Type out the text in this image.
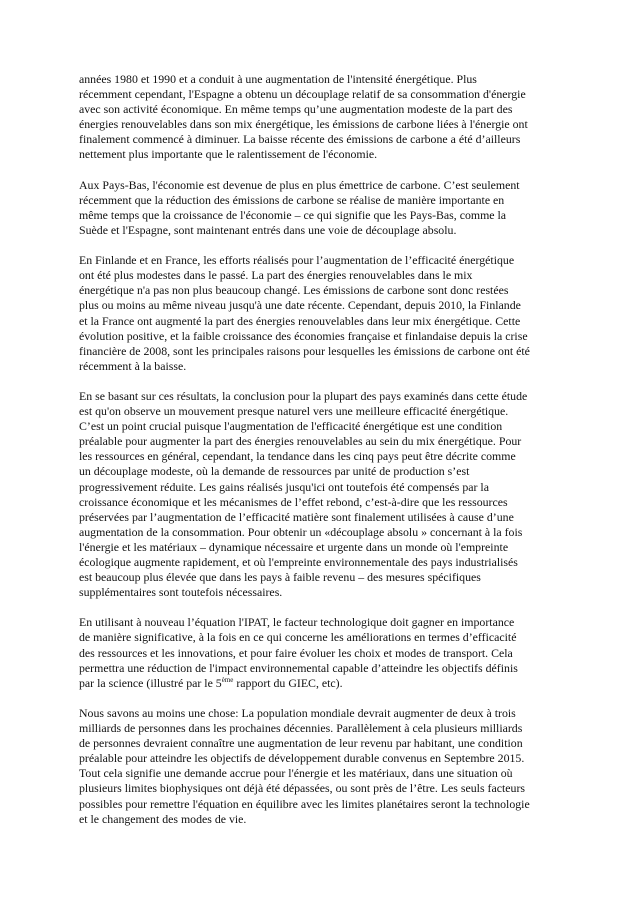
années 1980 et 1990 et a conduit à une augmentation de l'intensité énergétique. Plus
récemment cependant, l'Espagne a obtenu un découplage relatif de sa consommation d'énergie
avec son activité économique. En même temps qu’une augmentation modeste de la part des
énergies renouvelables dans son mix énergétique, les émissions de carbone liées à l'énergie ont
finalement commencé à diminuer. La baisse récente des émissions de carbone a été d’ailleurs
nettement plus importante que le ralentissement de l'économie.

Aux Pays-Bas, l'économie est devenue de plus en plus émettrice de carbone. C’est seulement
récemment que la réduction des émissions de carbone se réalise de manière importante en
même temps que la croissance de l'économie – ce qui signifie que les Pays-Bas, comme la
Suède et l'Espagne, sont maintenant entrés dans une voie de découplage absolu.

En Finlande et en France, les efforts réalisés pour l’augmentation de l’efficacité énergétique
ont été plus modestes dans le passé. La part des énergies renouvelables dans le mix
énergétique n'a pas non plus beaucoup changé. Les émissions de carbone sont donc restées
plus ou moins au même niveau jusqu'à une date récente. Cependant, depuis 2010, la Finlande
et la France ont augmenté la part des énergies renouvelables dans leur mix énergétique. Cette
évolution positive, et la faible croissance des économies française et finlandaise depuis la crise
financière de 2008, sont les principales raisons pour lesquelles les émissions de carbone ont été
récemment à la baisse.

En se basant sur ces résultats, la conclusion pour la plupart des pays examinés dans cette étude
est qu'on observe un mouvement presque naturel vers une meilleure efficacité énergétique.
C’est un point crucial puisque l'augmentation de l'efficacité énergétique est une condition
préalable pour augmenter la part des énergies renouvelables au sein du mix énergétique. Pour
les ressources en général, cependant, la tendance dans les cinq pays peut être décrite comme
un découplage modeste, où la demande de ressources par unité de production s’est
progressivement réduite. Les gains réalisés jusqu'ici ont toutefois été compensés par la
croissance économique et les mécanismes de l’effet rebond, c’est-à-dire que les ressources
préservées par l’augmentation de l’efficacité matière sont finalement utilisées à cause d’une
augmentation de la consommation. Pour obtenir un «découplage absolu » concernant à la fois
l'énergie et les matériaux – dynamique nécessaire et urgente dans un monde où l'empreinte
écologique augmente rapidement, et où l'empreinte environnementale des pays industrialisés
est beaucoup plus élevée que dans les pays à faible revenu – des mesures spécifiques
supplémentaires sont toutefois nécessaires.

En utilisant à nouveau l’équation l'IPAT, le facteur technologique doit gagner en importance
de manière significative, à la fois en ce qui concerne les améliorations en termes d’efficacité
des ressources et les innovations, et pour faire évoluer les choix et modes de transport. Cela
permettra une réduction de l'impact environnemental capable d’atteindre les objectifs définis
par la science (illustré par le 5ème rapport du GIEC, etc).

Nous savons au moins une chose: La population mondiale devrait augmenter de deux à trois
milliards de personnes dans les prochaines décennies. Parallèlement à cela plusieurs milliards
de personnes devraient connaître une augmentation de leur revenu par habitant, une condition
préalable pour atteindre les objectifs de développement durable convenus en Septembre 2015.
Tout cela signifie une demande accrue pour l'énergie et les matériaux, dans une situation où
plusieurs limites biophysiques ont déjà été dépassées, ou sont près de l’être. Les seuls facteurs
possibles pour remettre l'équation en équilibre avec les limites planétaires seront la technologie
et le changement des modes de vie.
